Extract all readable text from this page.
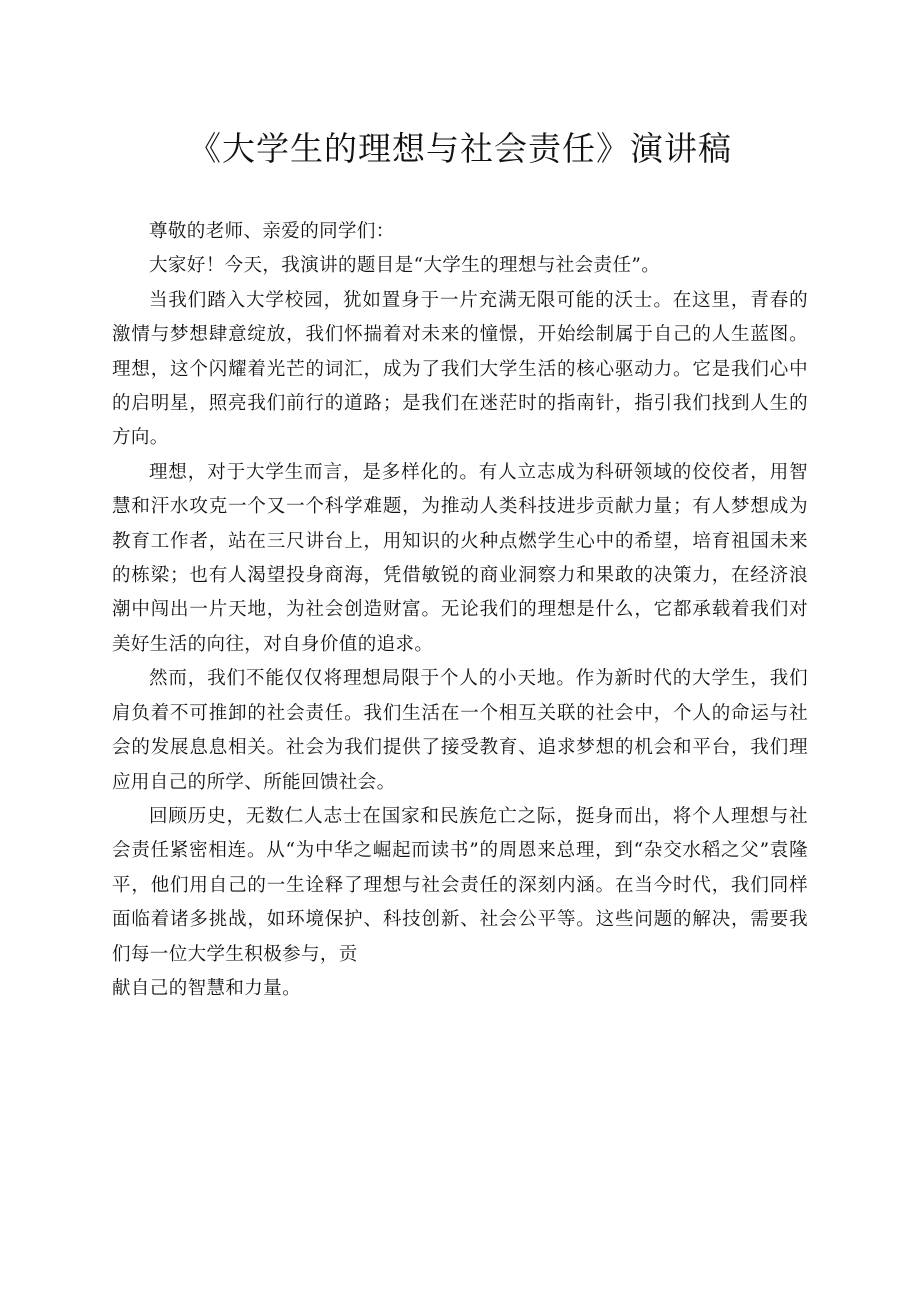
《大学生的理想与社会责任》演讲稿

尊敬的老师、亲爱的同学们：

大家好！今天，我演讲的题目是“大学生的理想与社会责任”。

当我们踏入大学校园，犹如置身于一片充满无限可能的沃士。在这里，青春的激情与梦想肆意绽放，我们怀揣着对未来的憧憬，开始绘制属于自己的人生蓝图。理想，这个闪耀着光芒的词汇，成为了我们大学生活的核心驱动力。它是我们心中的启明星，照亮我们前行的道路；是我们在迷茫时的指南针，指引我们找到人生的方向。

理想，对于大学生而言，是多样化的。有人立志成为科研领域的佼佼者，用智慧和汗水攻克一个又一个科学难题，为推动人类科技进步贡献力量；有人梦想成为教育工作者，站在三尺讲台上，用知识的火种点燃学生心中的希望，培育祖国未来的栋梁；也有人渴望投身商海，凭借敏锐的商业洞察力和果敢的决策力，在经济浪潮中闯出一片天地，为社会创造财富。无论我们的理想是什么，它都承载着我们对美好生活的向往，对自身价值的追求。

然而，我们不能仅仅将理想局限于个人的小天地。作为新时代的大学生，我们肩负着不可推卸的社会责任。我们生活在一个相互关联的社会中，个人的命运与社会的发展息息相关。社会为我们提供了接受教育、追求梦想的机会和平台，我们理应用自己的所学、所能回馈社会。

回顾历史，无数仁人志士在国家和民族危亡之际，挺身而出，将个人理想与社会责任紧密相连。从“为中华之崛起而读书”的周恩来总理，到“杂交水稻之父”袁隆平，他们用自己的一生诠释了理想与社会责任的深刻内涵。在当今时代，我们同样面临着诸多挑战，如环境保护、科技创新、社会公平等。这些问题的解决，需要我们每一位大学生积极参与，贡

献自己的智慧和力量。
